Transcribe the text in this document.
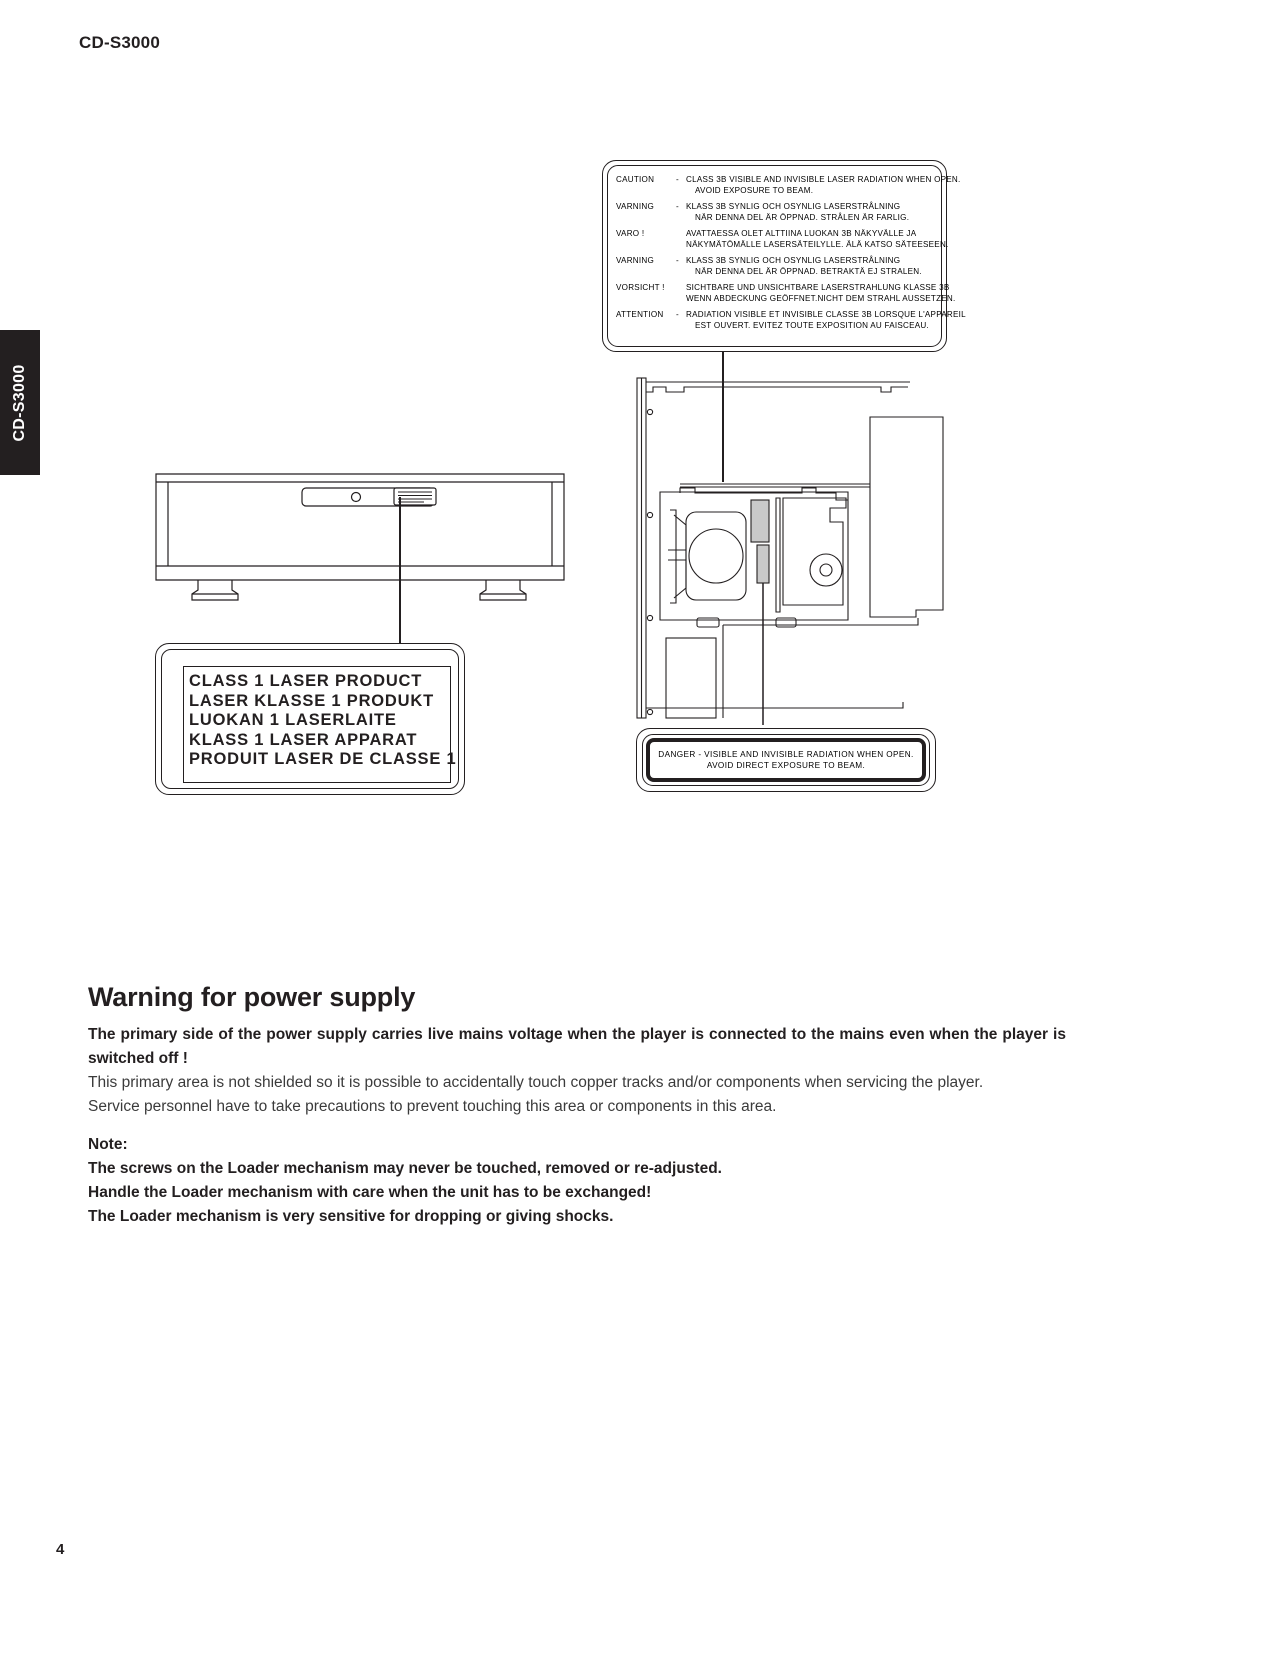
CD-S3000
CD-S3000
CAUTION	- CLASS 3B VISIBLE AND INVISIBLE LASER RADIATION WHEN OPEN.
AVOID EXPOSURE TO BEAM.
VARNING	- KLASS 3B SYNLIG OCH OSYNLIG LASERSTRÅLNING
NÄR DENNA DEL ÄR ÖPPNAD. STRÅLEN ÄR FARLIG.
VARO !	AVATTAESSA OLET ALTTIINA LUOKAN 3B NÄKYVÄLLE JA
NÄKYMÄTÖMÄLLE LASERSÄTEILYLLE. ÄLÄ KATSO SÄTEESEEN.
VARNING	- KLASS 3B SYNLIG OCH OSYNLIG LASERSTRÅLNING
NÄR DENNA DEL ÄR ÖPPNAD. BETRAKTÄ EJ STRALEN.
VORSICHT !	SICHTBARE UND UNSICHTBARE LASERSTRAHLUNG KLASSE 3B
WENN ABDECKUNG GEÖFFNET.NICHT DEM STRAHL AUSSETZEN.
ATTENTION	- RADIATION VISIBLE ET INVISIBLE CLASSE 3B LORSQUE L'APPAREIL
EST OUVERT. EVITEZ TOUTE EXPOSITION AU FAISCEAU.
CLASS 1 LASER PRODUCT
LASER KLASSE 1 PRODUKT
LUOKAN 1 LASERLAITE
KLASS 1 LASER APPARAT
PRODUIT LASER DE CLASSE 1	DANGER - VISIBLE AND INVISIBLE RADIATION WHEN OPEN.
AVOID DIRECT EXPOSURE TO BEAM.
Warning for power supply

The primary side of the power supply carries live mains voltage when the player is connected to the mains even when the player is switched off !

This primary area is not shielded so it is possible to accidentally touch copper tracks and/or components when servicing the player.

Service personnel have to take precautions to prevent touching this area or components in this area.

Note:

The screws on the Loader mechanism may never be touched, removed or re-adjusted.

Handle the Loader mechanism with care when the unit has to be exchanged!

The Loader mechanism is very sensitive for dropping or giving shocks.

4
